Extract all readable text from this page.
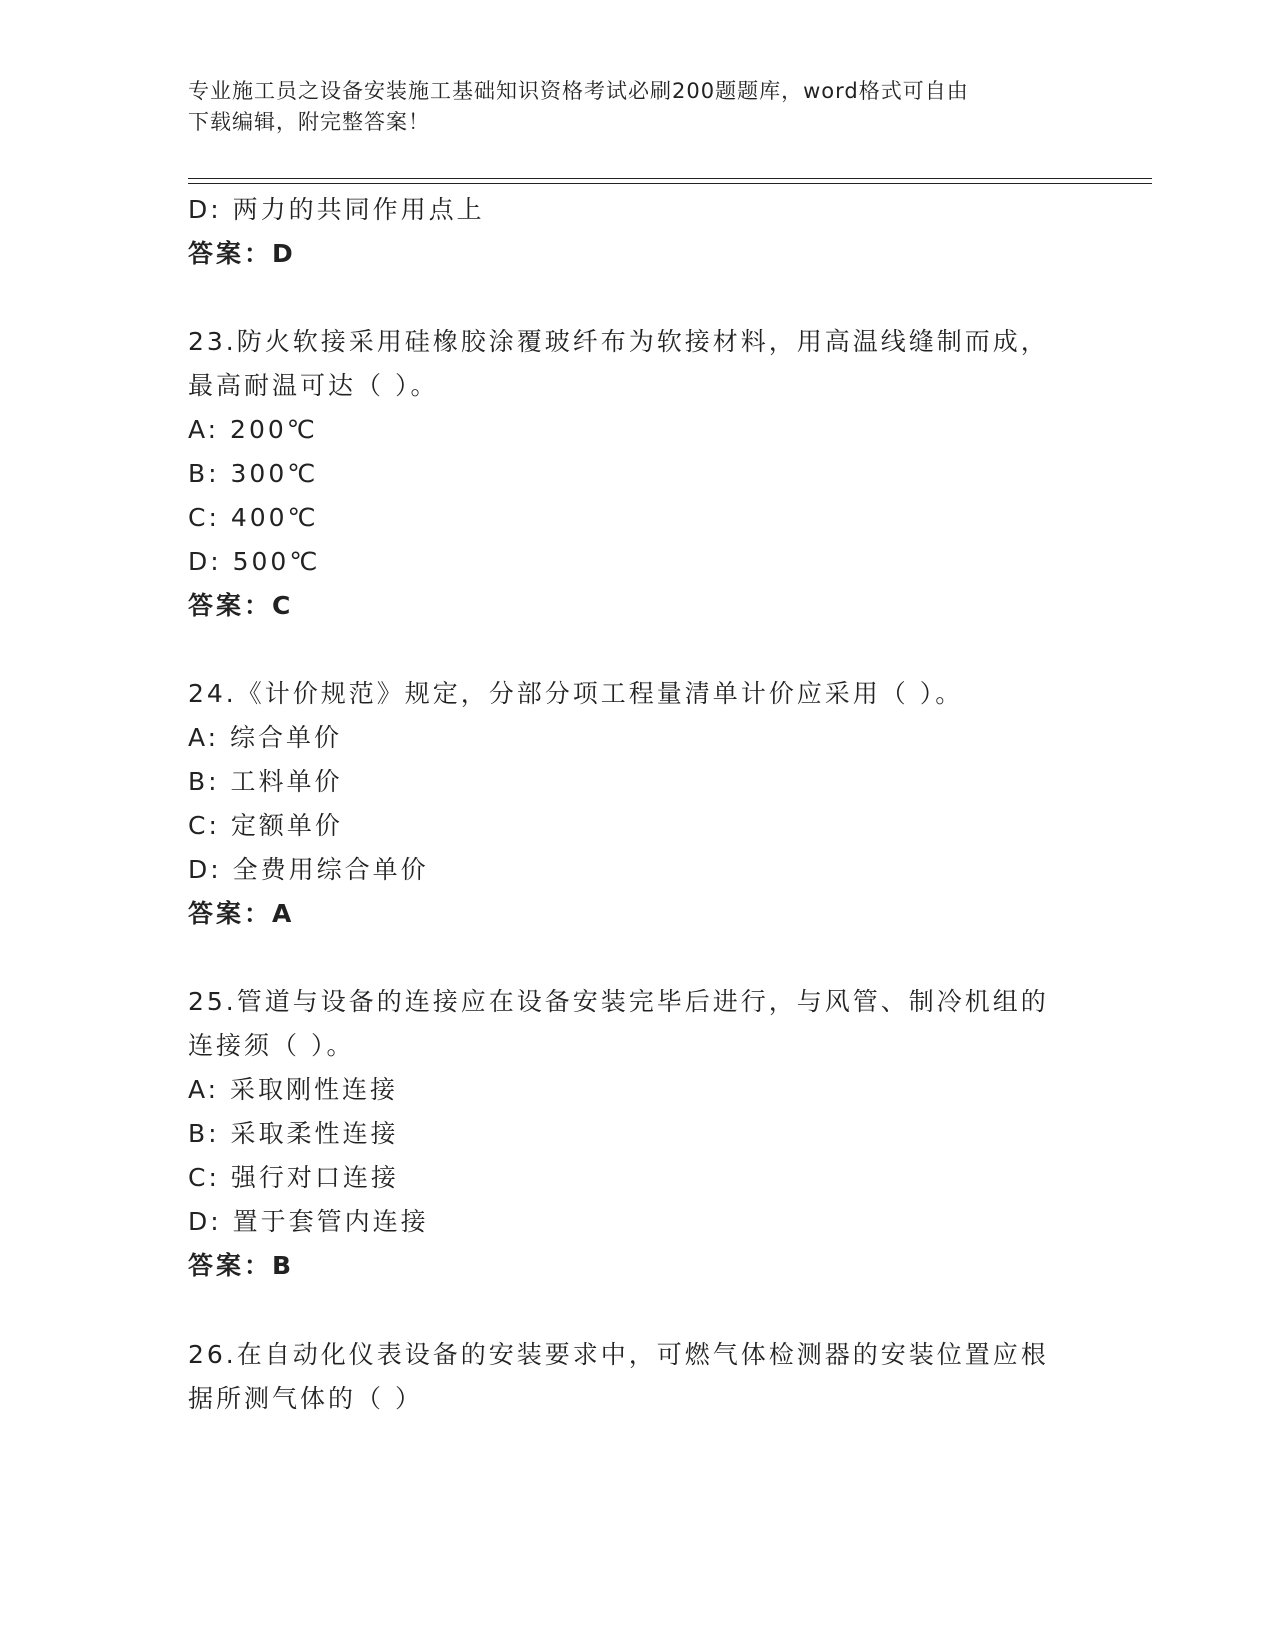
专业施工员之设备安装施工基础知识资格考试必刷200题题库，word格式可自由
下载编辑，附完整答案！
D: 两力的共同作用点上
答案：D
23.防火软接采用硅橡胶涂覆玻纤布为软接材料，用高温线缝制而成，
最高耐温可达（ ）。
A: 200℃
B: 300℃
C: 400℃
D: 500℃
答案：C
24.《计价规范》规定，分部分项工程量清单计价应采用（ ）。
A: 综合单价
B: 工料单价
C: 定额单价
D: 全费用综合单价
答案：A
25.管道与设备的连接应在设备安装完毕后进行，与风管、制冷机组的
连接须（ ）。
A: 采取刚性连接
B: 采取柔性连接
C: 强行对口连接
D: 置于套管内连接
答案：B
26.在自动化仪表设备的安装要求中，可燃气体检测器的安装位置应根
据所测气体的（ ）
